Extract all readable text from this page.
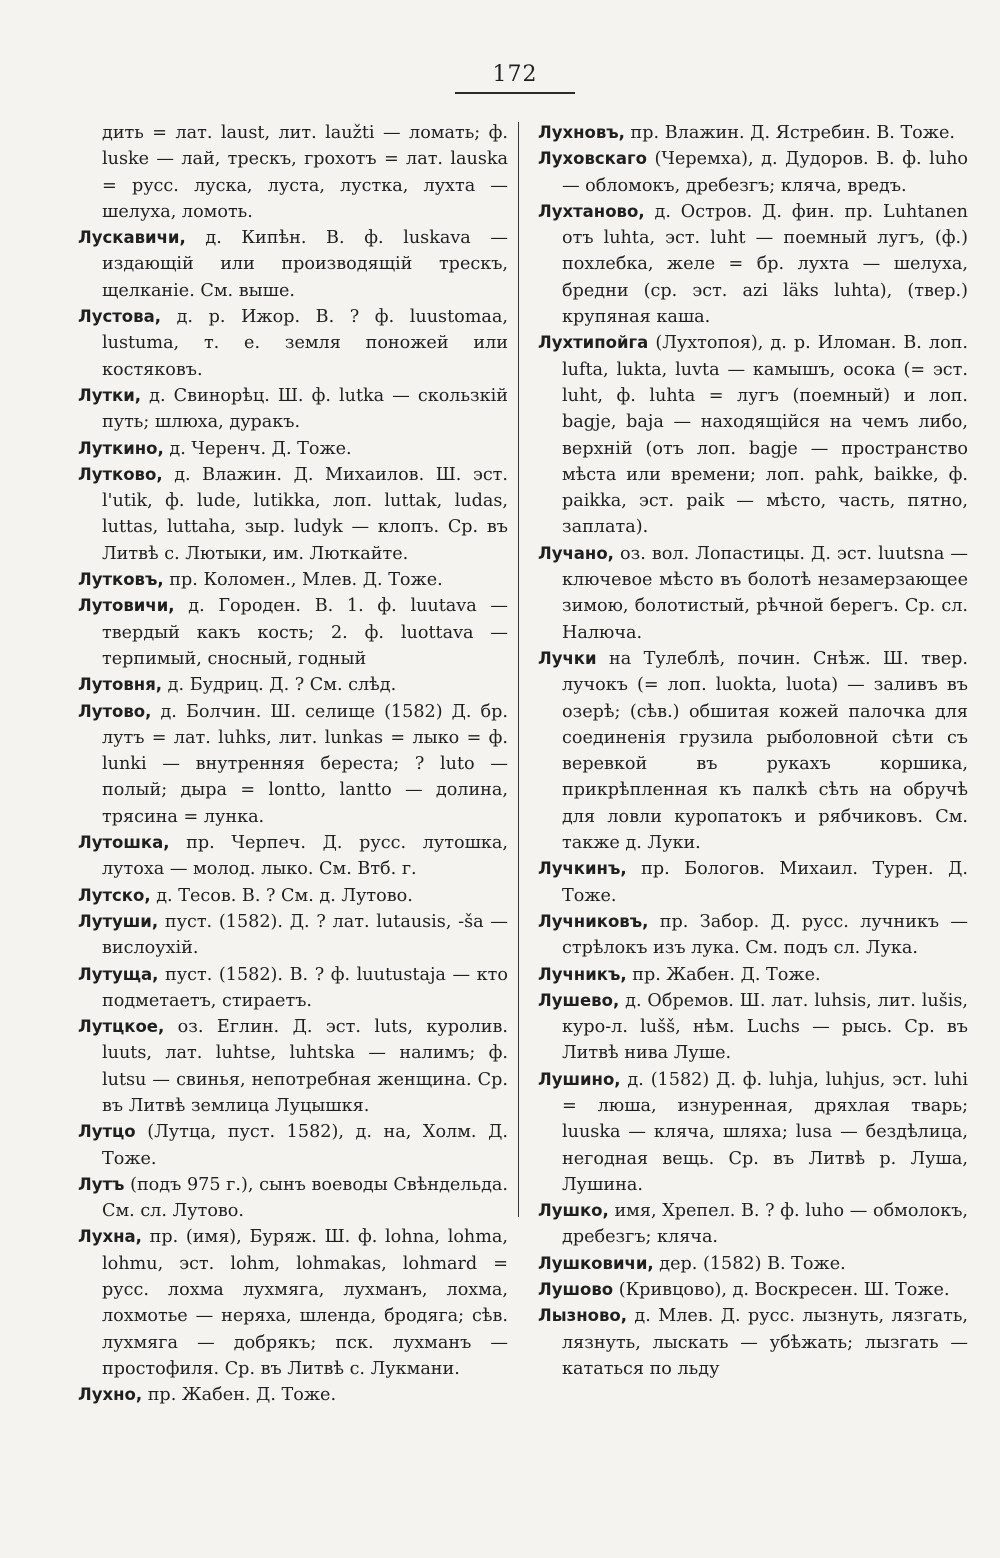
172

дить = лат. laust, лит. laužti — ломать; ф. luske — лай, трескъ, грохотъ = лат. lauska = русс. луска, луста, лустка, лухта — шелуха, ломоть.

Лускавичи, д. Кипѣн. В. ф. luskava — издающій или производящій трескъ, щелканіе. См. выше.

Лустова, д. р. Ижор. В. ? ф. luustomaa, lustuma, т. е. земля поножей или костяковъ.

Лутки, д. Свинорѣц. Ш. ф. lutka — скользкій путь; шлюха, дуракъ.

Луткино, д. Черенч. Д. Тоже.

Лутково, д. Влажин. Д. Михаилов. Ш. эст. l'utik, ф. lude, lutikka, лоп. luttak, ludas, luttas, luttaha, зыр. ludyk — клопъ. Ср. въ Литвѣ с. Лютыки, им. Люткайте.

Лутковъ, пр. Коломен., Млев. Д. Тоже.

Лутовичи, д. Городен. В. 1. ф. luutava — твердый какъ кость; 2. ф. luottava — терпимый, сносный, годный

Лутовня, д. Будриц. Д. ? См. слѣд.

Лутово, д. Болчин. Ш. селище (1582) Д. бр. лутъ = лат. luhks, лит. lunkas = лыко = ф. lunki — внутренняя береста; ? luto — полый; дыра = lontto, lantto — долина, трясина = лунка.

Лутошка, пр. Черпеч. Д. русс. лутошка, лутоха — молод. лыко. См. Втб. г.

Лутско, д. Тесов. В. ? См. д. Лутово.

Лутуши, пуст. (1582). Д. ? лат. lutausis, -ša — вислоухій.

Лутуща, пуст. (1582). В. ? ф. luutustaja — кто подметаетъ, стираетъ.

Лутцкое, оз. Еглин. Д. эст. luts, куролив. luuts, лат. luhtse, luhtska — налимъ; ф. lutsu — свинья, непотребная женщина. Ср. въ Литвѣ землица Луцышкя.

Лутцо (Лутца, пуст. 1582), д. на, Холм. Д. Тоже.

Лутъ (подъ 975 г.), сынъ воеводы Свѣндельда. См. сл. Лутово.

Лухна, пр. (имя), Буряж. Ш. ф. lohna, lohma, lohmu, эст. lohm, lohmakas, lohmard = русс. лохма лухмяга, лухманъ, лохма, лохмотье — неряха, шлендa, бродяга; сѣв. лухмяга — добрякъ; пск. лухманъ — простофиля. Ср. въ Литвѣ с. Лукмани.

Лухно, пр. Жабен. Д. Тоже.

Лухновъ, пр. Влажин. Д. Ястребин. В. Тоже.

Луховскаго (Черемха), д. Дудоров. В. ф. luho — обломокъ, дребезгъ; кляча, вредъ.

Лухтаново, д. Остров. Д. фин. пр. Luhtanen отъ luhta, эст. luht — поемный лугъ, (ф.) похлебка, желе = бр. лухта — шелуха, бредни (ср. эст. azi läks luhta), (твер.) крупяная каша.

Лухтипойга (Лухтопоя), д. р. Иломан. В. лоп. lufta, lukta, luvta — камышъ, осока (= эст. luht, ф. luhta = лугъ (поемный) и лоп. bagje, baja — находящійся на чемъ либо, верхній (отъ лоп. bagje — пространство мѣста или времени; лоп. pahk, baikke, ф. paikka, эст. paik — мѣсто, часть, пятно, заплата).

Лучано, оз. вол. Лопастицы. Д. эст. luutsna — ключевое мѣсто въ болотѣ незамерзающее зимою, болотистый, рѣчной берегъ. Ср. сл. Налюча.

Лучки на Тулеблѣ, почин. Снѣж. Ш. твер. лучокъ (= лоп. luokta, luota) — заливъ въ озерѣ; (сѣв.) обшитая кожей палочка для соединенія грузила рыболовной сѣти съ веревкой въ рукахъ коршика, прикрѣпленная къ палкѣ сѣть на обручѣ для ловли куропатокъ и рябчиковъ. См. также д. Луки.

Лучкинъ, пр. Бологов. Михаил. Турен. Д. Тоже.

Лучниковъ, пр. Забор. Д. русс. лучникъ — стрѣлокъ изъ лука. См. подъ сл. Лука.

Лучникъ, пр. Жабен. Д. Тоже.

Лушево, д. Обремов. Ш. лат. luhsis, лит. lušis, куро-л. lušš, нѣм. Luchs — рысь. Ср. въ Литвѣ нива Луше.

Лушино, д. (1582) Д. ф. luhja, luhjus, эст. luhi = люша, изнуренная, дряхлая тварь; luuska — кляча, шляха; lusa — бездѣлица, негодная вещь. Ср. въ Литвѣ р. Луша, Лушина.

Лушко, имя, Хрепел. В. ? ф. luho — обмолокъ, дребезгъ; кляча.

Лушковичи, дер. (1582) В. Тоже.

Лушово (Кривцово), д. Воскресен. Ш. Тоже.

Лызново, д. Млев. Д. русс. лызнуть, лязгать, лязнуть, лыскать — убѣжать; лызгать — кататься по льду
